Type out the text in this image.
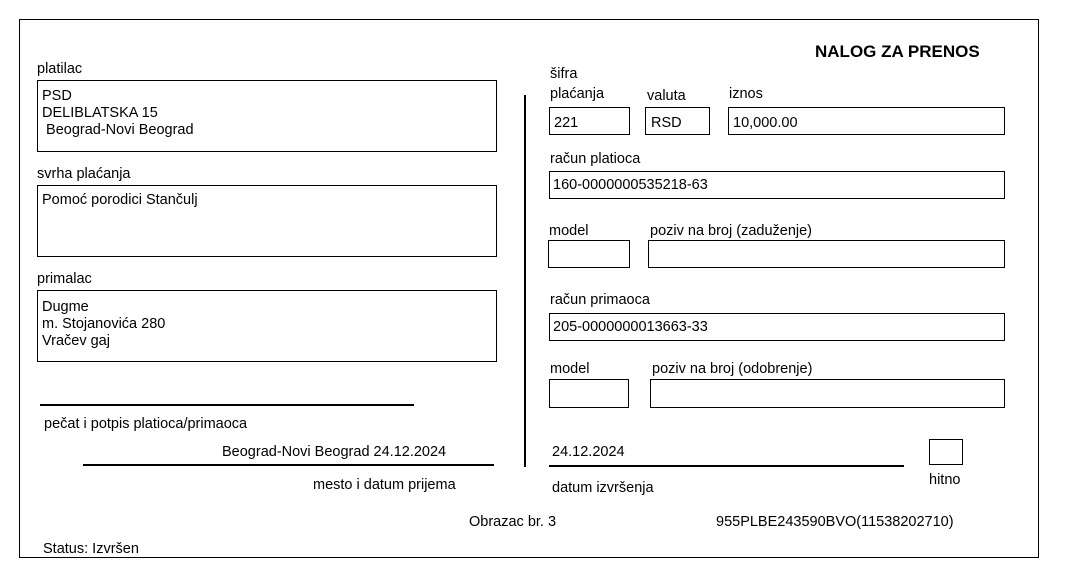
NALOG ZA PRENOS
platilac
PSD
DELIBLATSKA 15
Beograd-Novi Beograd
svrha plaćanja
Pomoć porodici Stančulj
primalac
Dugme
m. Stojanovića 280
Vračev gaj
pečat i potpis platioca/primaoca
Beograd-Novi Beograd 24.12.2024
mesto i datum prijema
šifra
plaćanja	valuta	iznos
221	RSD	10,000.00
račun platioca
160-0000000535218-63
model	poziv na broj (zaduženje)
račun primaoca
205-0000000013663-33
model	poziv na broj (odobrenje)
24.12.2024
datum izvršenja	hitno
Obrazac br. 3	955PLBE243590BVO(11538202710)
Status: Izvršen
